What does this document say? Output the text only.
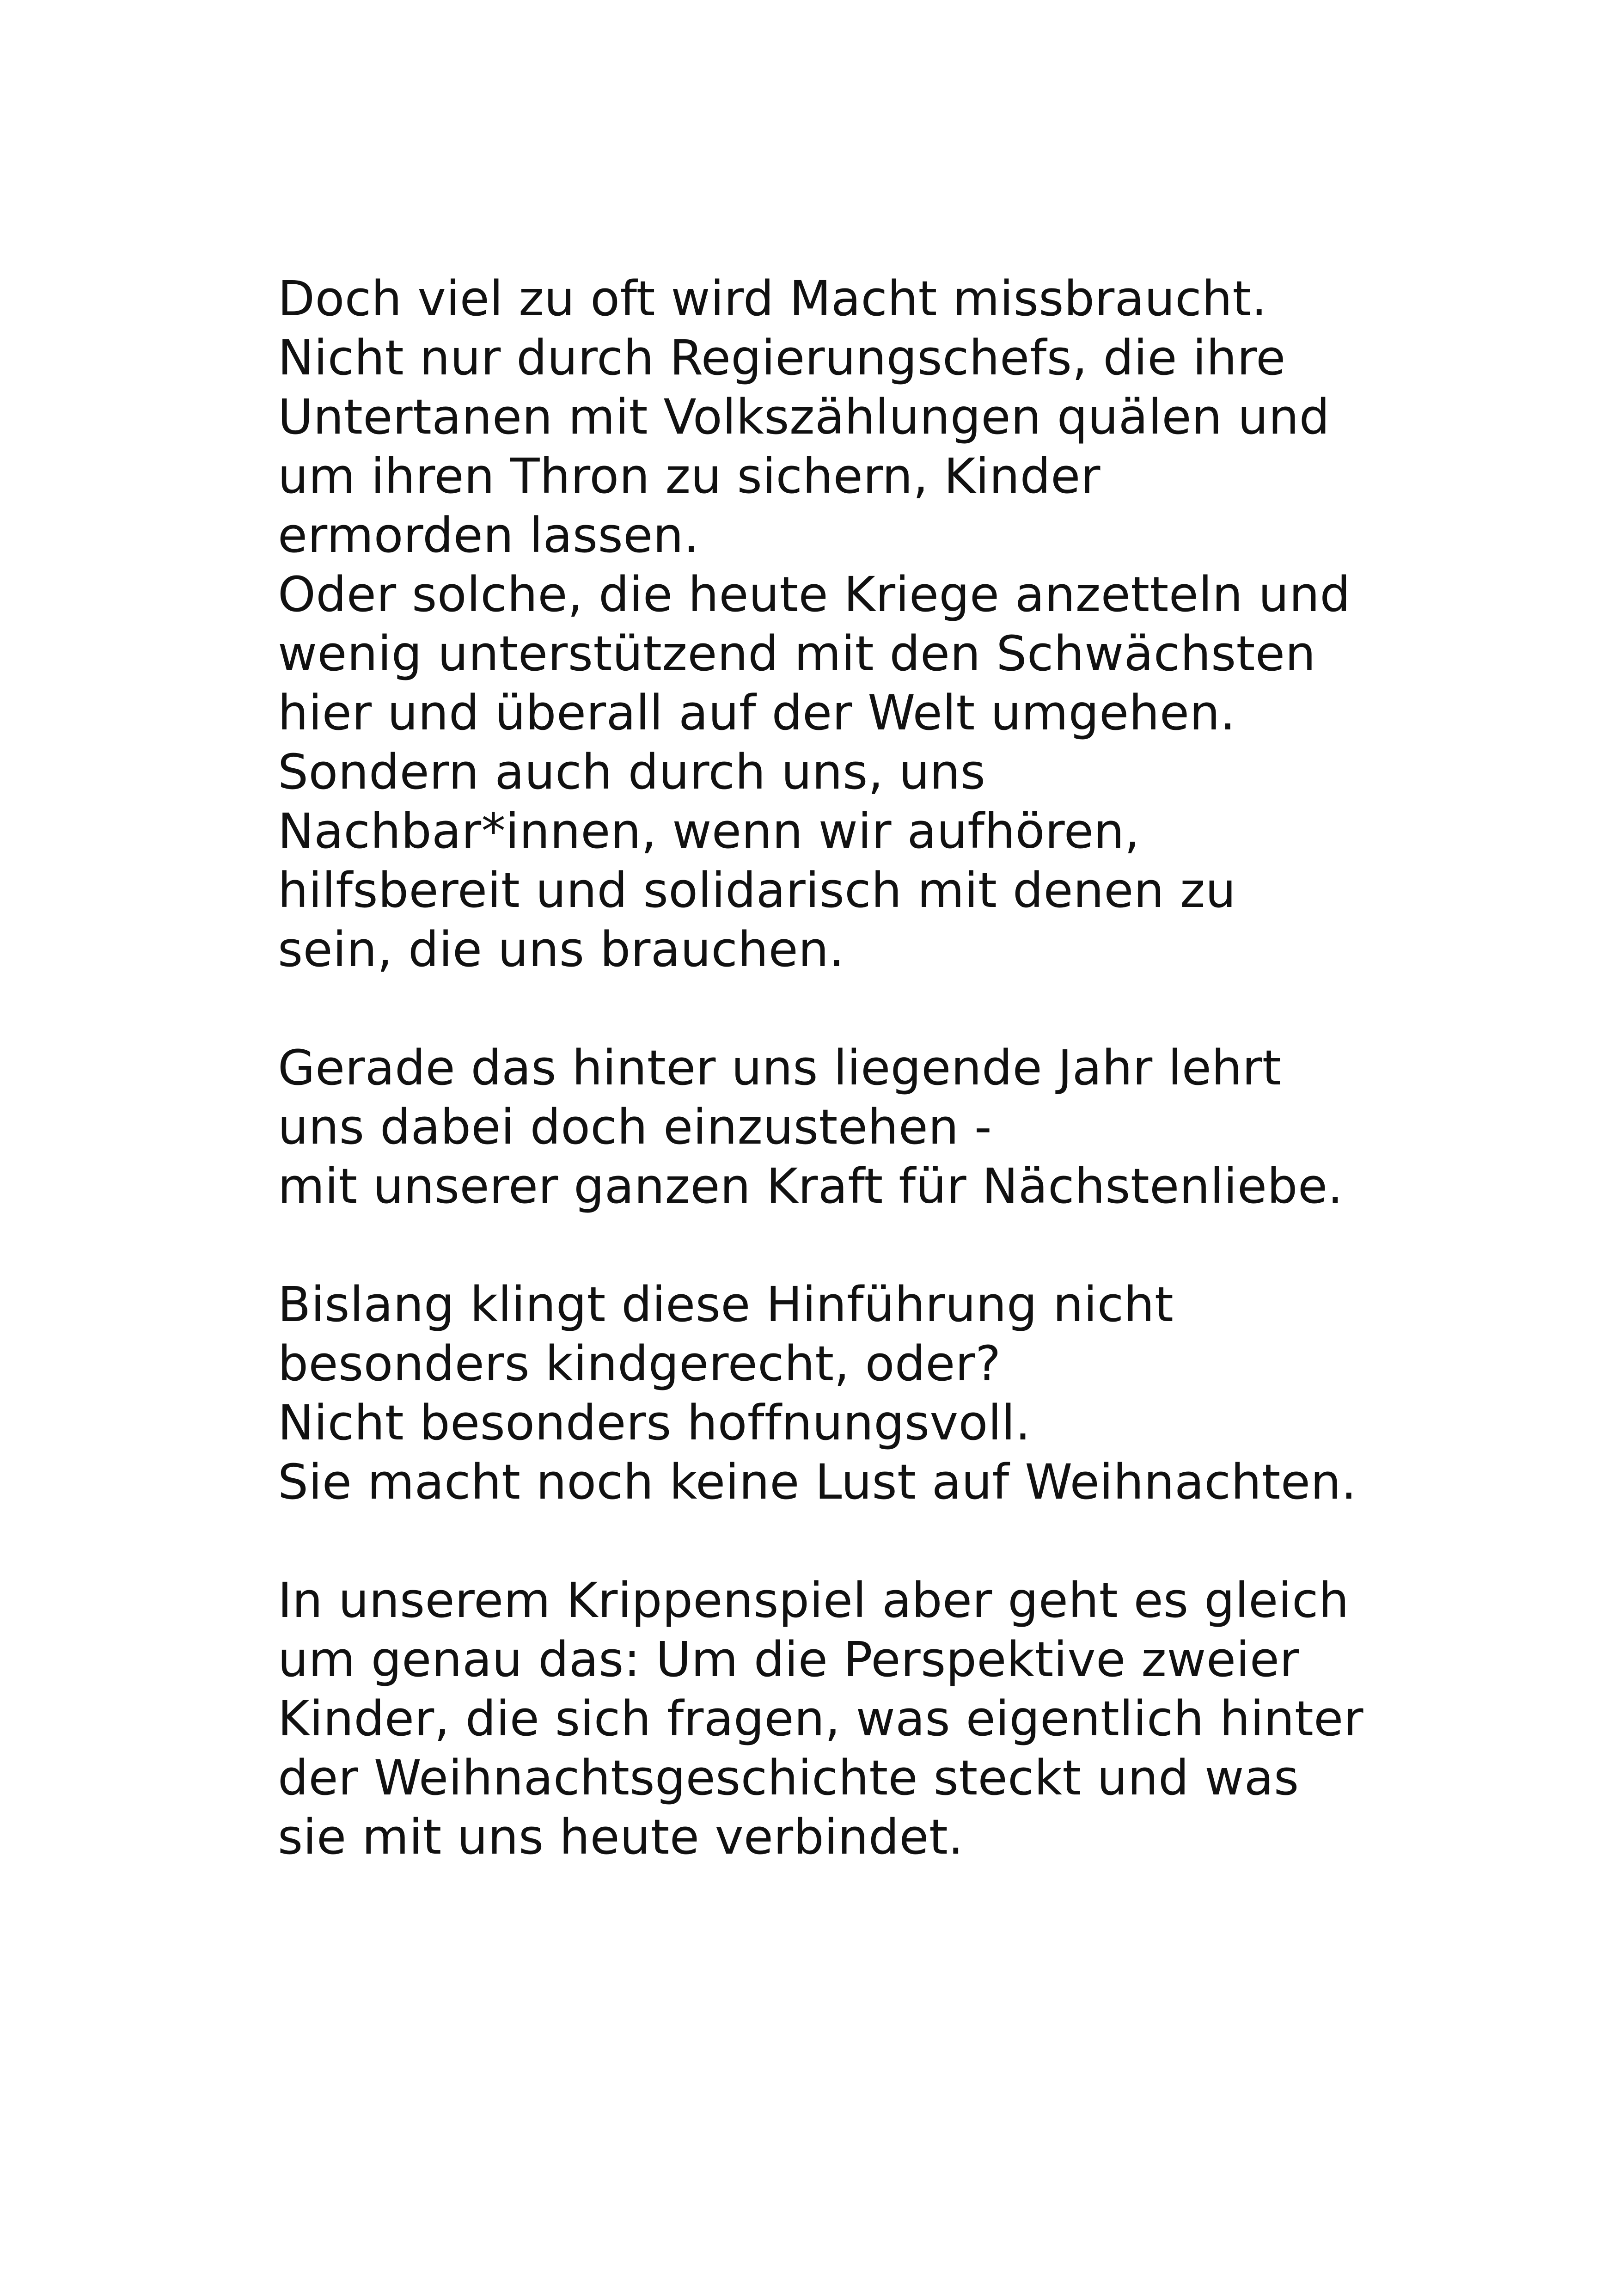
Doch viel zu oft wird Macht missbraucht.
Nicht nur durch Regierungschefs, die ihre
Untertanen mit Volkszählungen quälen und
um ihren Thron zu sichern, Kinder
ermorden lassen.
Oder solche, die heute Kriege anzetteln und
wenig unterstützend mit den Schwächsten
hier und überall auf der Welt umgehen.
Sondern auch durch uns, uns
Nachbar*innen, wenn wir aufhören,
hilfsbereit und solidarisch mit denen zu
sein, die uns brauchen.

Gerade das hinter uns liegende Jahr lehrt
uns dabei doch einzustehen -
mit unserer ganzen Kraft für Nächstenliebe.

Bislang klingt diese Hinführung nicht
besonders kindgerecht, oder?
Nicht besonders hoffnungsvoll.
Sie macht noch keine Lust auf Weihnachten.

In unserem Krippenspiel aber geht es gleich
um genau das: Um die Perspektive zweier
Kinder, die sich fragen, was eigentlich hinter
der Weihnachtsgeschichte steckt und was
sie mit uns heute verbindet.
